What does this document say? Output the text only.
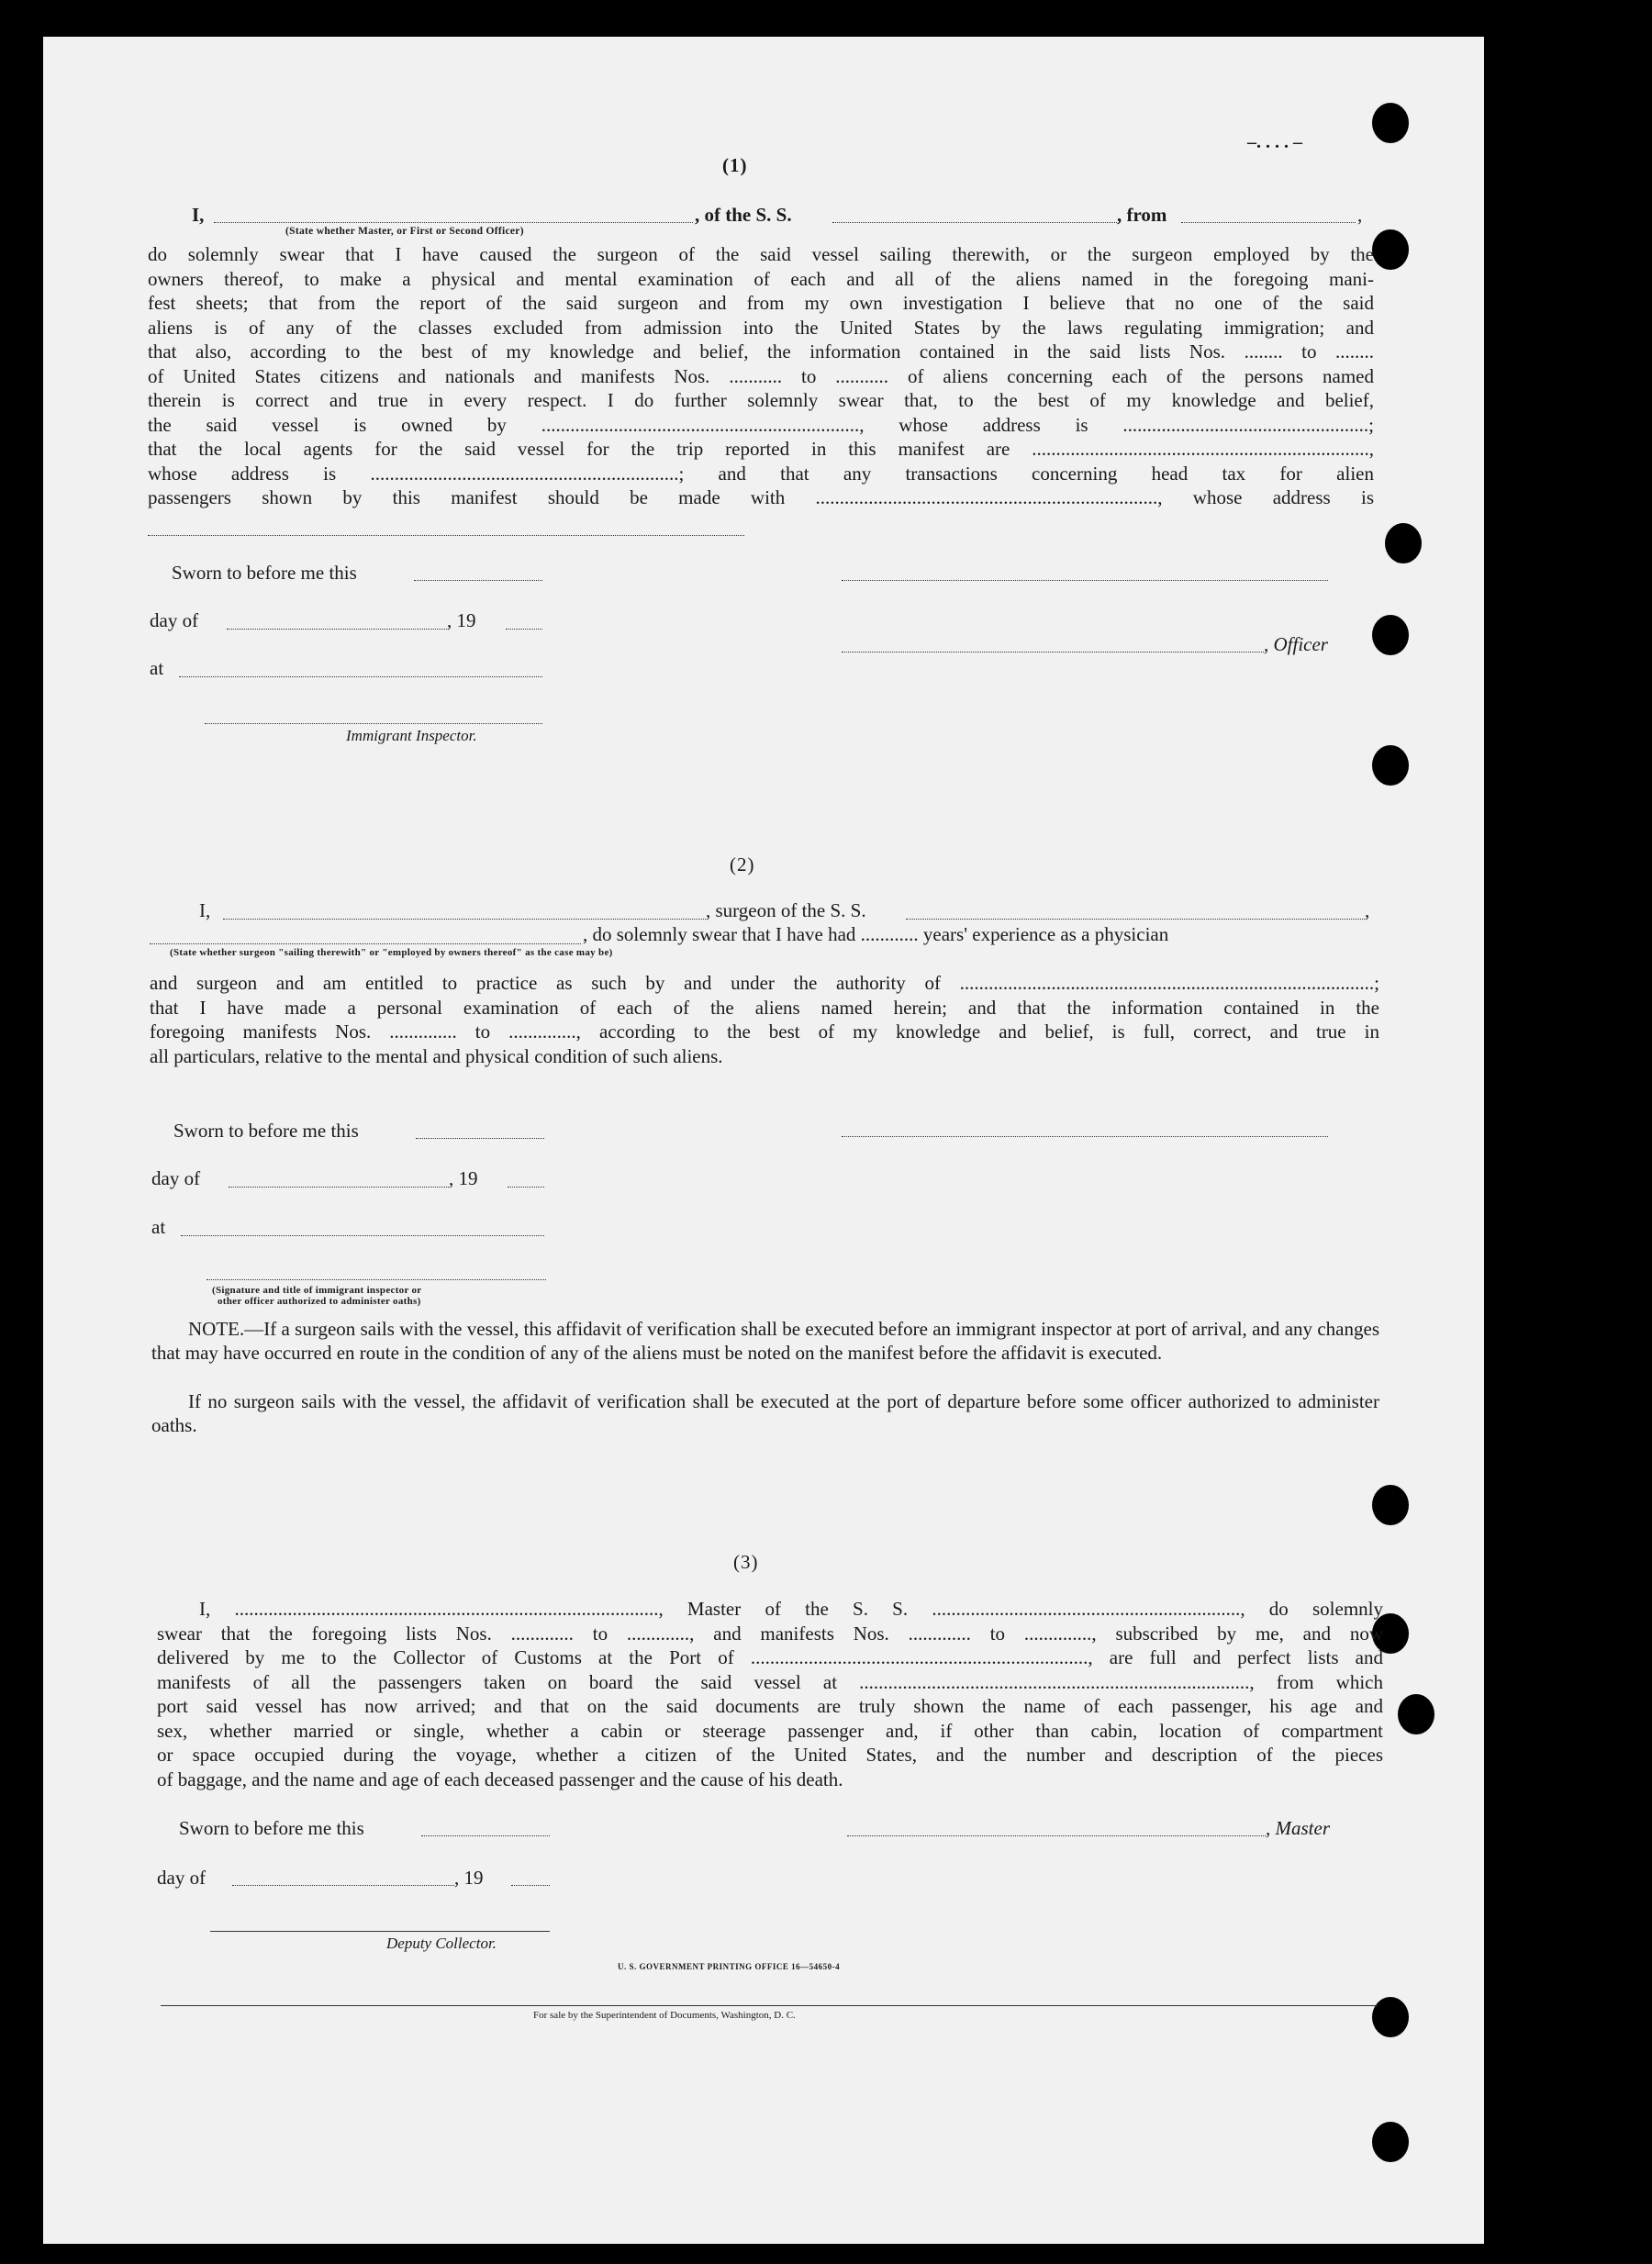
–. . . . –
(1)
I,	, of the S. S.	, from	,
(State whether Master, or First or Second Officer)
do solemnly swear that I have caused the surgeon of the said vessel sailing therewith, or the surgeon employed by the
owners thereof, to make a physical and mental examination of each and all of the aliens named in the foregoing mani-
fest sheets; that from the report of the said surgeon and from my own investigation I believe that no one of the said
aliens is of any of the classes excluded from admission into the United States by the laws regulating immigration; and
that also, according to the best of my knowledge and belief, the information contained in the said lists Nos. ........ to ........
of United States citizens and nationals and manifests Nos. ........... to ........... of aliens concerning each of the persons named
therein is correct and true in every respect. I do further solemnly swear that, to the best of my knowledge and belief,
the said vessel is owned by .................................................................., whose address is ...................................................;
that the local agents for the said vessel for the trip reported in this manifest are ......................................................................,
whose address is ................................................................; and that any transactions concerning head tax for alien
passengers shown by this manifest should be made with ......................................................................., whose address is
Sworn to before me this
day of	, 19
, Officer
at
Immigrant Inspector.
(2)
I,	, surgeon of the S. S.	,
, do solemnly swear that I have had ............ years' experience as a physician
(State whether surgeon "sailing therewith" or "employed by owners thereof" as the case may be)
and surgeon and am entitled to practice as such by and under the authority of ......................................................................................;
that I have made a personal examination of each of the aliens named herein; and that the information contained in the
foregoing manifests Nos. .............. to .............., according to the best of my knowledge and belief, is full, correct, and true in
all particulars, relative to the mental and physical condition of such aliens.
Sworn to before me this
day of	, 19
at
(Signature and title of immigrant inspector or
other officer authorized to administer oaths)
NOTE.—If a surgeon sails with the vessel, this affidavit of verification shall be executed before an immigrant inspector at port of arrival, and any changes that may have occurred en route in the condition of any of the aliens must be noted on the manifest before the affidavit is executed.
If no surgeon sails with the vessel, the affidavit of verification shall be executed at the port of departure before some officer authorized to administer oaths.
(3)
I, ........................................................................................, Master of the S. S. ................................................................, do solemnly
swear that the foregoing lists Nos. ............. to ............., and manifests Nos. ............. to .............., subscribed by me, and now
delivered by me to the Collector of Customs at the Port of ......................................................................, are full and perfect lists and
manifests of all the passengers taken on board the said vessel at ................................................................................., from which
port said vessel has now arrived; and that on the said documents are truly shown the name of each passenger, his age and
sex, whether married or single, whether a cabin or steerage passenger and, if other than cabin, location of compartment
or space occupied during the voyage, whether a citizen of the United States, and the number and description of the pieces
of baggage, and the name and age of each deceased passenger and the cause of his death.
Sworn to before me this	, Master
day of	, 19
Deputy Collector.
U. S. GOVERNMENT PRINTING OFFICE 16—54650-4
For sale by the Superintendent of Documents, Washington, D. C.
